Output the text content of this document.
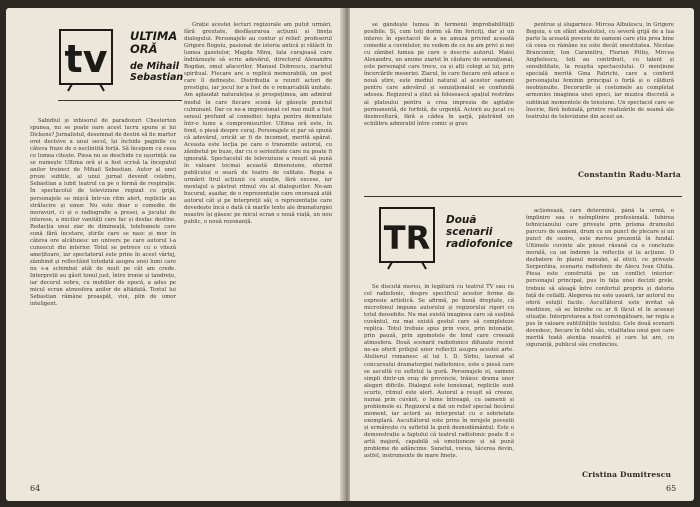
tv
ULTIMA
ORĂ
de Mihail
Sebastian

Sabidiul și inbisorul de paradoxuri Chesterton spunea, nu se poate oare acest lucru spune și lui Dickens? Jurnalistul, desemnat de destin să fie martor orei decisive a unui secol, își închide paginile cu câteva fraze de o neclintită forță. Să începem cu ceea ce lumea citește. Piesa nu se deschide cu ușurință: ea se numește Ultima oră și a fost scrisă la începutul anilor treizeci de Mihail Sebastian. Autor al unei proze subtile, al unui jurnal devenit celebru, Sebastian a iubit teatrul ca pe o formă de respirație. În spectacolul de televiziune regizat cu grijă, personajele se mișcă într-un ritm alert, replicile au strălucire și umor. Nu este doar o comedie de moravuri, ci și o radiografie a presei, a jocului de interese, a micilor vanități care fac și desfac destine. Redacția unui ziar de dimineață, telefoanele care sună fără încetare, știrile care se nasc și mor în câteva ore alcătuiesc un univers pe care autorul l-a cunoscut din interior. Totul se petrece cu o viteză amețitoare, iar spectatorul este prins în acest vârtej, zâmbind și reflectând totodată asupra unei lumi care nu s-a schimbat atât de mult pe cât am crede. Interpreții au găsit tonul just, între ironie și tandrețe, iar decorul sobru, cu mobilier de epocă, a adus pe micul ecran atmosfera anilor de altădată. Textul lui Sebastian rămâne proaspăt, vioi, plin de umor inteligent.

Grație acestei lecturi regizorale am putut urmări, fără greutate, desfășurarea acțiunii și fineța dialogului. Personajele au contur și relief: profesorul Grigore Bogoiu, pasionat de istoria antică și rătăcit în lumea gazetelor, Magda Minu, fata curajoasă care îndrăznește să scrie adevărul, directorul Alexandru Bogdan, omul afacerilor, Manuel Dobrescu, ziaristul spiritual. Fiecare are o replică memorabilă, un gest care îl definește. Distribuția a reunit actori de prestigiu, iar jocul lor a fost de o remarcabilă unitate. Am aplaudat naturalețea și prospețimea, am admirat modul în care fiecare scenă își găsește punctul culminant. Dar ce ne-a impresionat cel mai mult a fost sensul profund al comediei: lupta pentru demnitate într-o lume a compromisurilor. Ultima oră este, în fond, o piesă despre curaj. Personajele ei par să spună că adevărul, oricât ar fi de incomod, merită apărat. Aceasta este lecția pe care o transmite autorul, cu zâmbetul pe buze, dar cu o seriozitate care nu poate fi ignorată. Spectacolul de televiziune a reușit să pună în valoare tocmai această dimensiune, oferind publicului o seară de teatru de calitate. Regia a urmărit firul acțiunii cu atenție, fără excese, iar montajul a păstrat ritmul viu al dialogurilor. Ne-am bucurat, așadar, de o reprezentație care onorează atât autorul cât și pe interpreții săi, o reprezentație care dovedește încă o dată că marile texte ale dramaturgiei noastre își găsesc pe micul ecran o nouă viață, un nou public, o nouă rezonanță.

64

se gândește lumea în termenii improbabilității posibile. Și, cum toți dorim să fim fericiți, dar și un interes în spectacol de a ne amuza privind această comedie a cuvintelor, nu vedem de ce nu am privi și noi cu zâmbet lumea pe care o descrie autorul. Matei Alexandru, un anume ziarist în căutare de senzațional, este personajul care trece, ca și alți colegi ai lui, prin încercările meseriei. Ziarul, în care fiecare oră aduce o nouă știre, este mediul natural al acestor oameni pentru care adevărul și senzaționalul se confundă adesea. Regizorul a știut să folosească spațiul restrâns al platoului pentru a crea impresia de agitație permanentă, de forfotă, de urgență. Actorii au jucat cu dezinvoltură, fără a cădea în șarjă, păstrând un echilibru admirabil între comic și grav.

pentrue și slugarnice. Mircea Albulescu, în Grigore Bogoiu, e un sfânt absolutist, cu severă grijă de a lua parte la această poveste de oameni care știu prea bine că ceea ce rămâne nu este decât onestitatea. Nicolae Brancomir, Ion Caramitru, Florian Pittiș, Mircea Anghelescu, toți au contribuit, cu talent și sensibilitate, la reușita spectacolului. O mențiune specială merită Gina Patrichi, care a conferit personajului feminin principal o forță și o căldură neobișnuite. Decorurile și costumele au completat armonios imaginea unei epoci, iar muzica discretă a subliniat momentele de tensiune. Un spectacol care se înscrie, fără îndoială, printre realizările de seamă ale teatrului de televiziune din acest an.

Constantin Radu-Maria
TR Două
scenarii
radiofonice

Se discută mereu, în legătură cu teatrul TV sau cu cel radiofonic, despre specificul acestor forme de expresie artistică. Se afirmă, pe bună dreptate, că microfonul impune autorului și regizorului rigori cu totul deosebite. Nu mai există imaginea care să susțină cuvântul, nu mai există gestul care să completeze replica. Totul trebuie spus prin voce, prin intonație, prin pauză, prin zgomotele de fond care creează atmosfera. Două scenarii radiofonice difuzate recent ne-au oferit prilejul unor reflecții asupra acestei arte. Atelierul romanesc al lui I. D. Sîrbu, laureat al concursului dramaturgiei radiofonice, este o piesă care se ascultă cu sufletul la gură. Personajele ei, oameni simpli dintr-un oraș de provincie, trăiesc drama unor alegeri dificile. Dialogul este tensionat, replicile sunt scurte, ritmul este alert. Autorul a reușit să creeze, numai prin cuvânt, o lume întreagă, cu oamenii și problemele ei. Regizorul a dat un relief special fiecărui moment, iar actorii au interpretat cu o sobrietate exemplară. Ascultătorul este prins în mrejele poveștii și urmărește cu sufletul la gură deznodământul. Este o demonstrație a faptului că teatrul radiofonic poate fi o artă majoră, capabilă să emoționeze și să pună probleme de adâncime. Sunetul, vocea, tăcerea devin, astfel, instrumente de mare finețe.

acționează, care determină, până la urmă, o împlinire sau o neîmplinire profesională. Iubirea tehnicianului care privește prin prisma drumului parcurs de oameni, drum cu un punct de plecare și un punct de sosire, este mereu prezentă în fundal. Ultimele cuvinte ale piesei răsună ca o concluzie morală, ca un îndemn la reflecție și la acțiune. O dezbatere în planul moralei, al eticii, ce privește Serpentina, scenariu radiofonic de Alecu Ivan Ghilia. Piesa este construită pe un conflict interior: personajul principal, pus în fața unei decizii grele, trebuie să aleagă între confortul propriu și datoria față de ceilalți. Alegerea nu este ușoară, iar autorul nu oferă soluții facile. Ascultătorul este invitat să mediteze, să se întrebe ce ar fi făcut el în aceeași situație. Interpretarea a fost convingătoare, iar regia a pus în valoare subtilitățile textului. Cele două scenarii dovedesc, fiecare în felul său, vitalitatea unui gen care merită toată atenția noastră și care își are, cu siguranță, publicul său credincios.

Cristina Dumitrescu
65
